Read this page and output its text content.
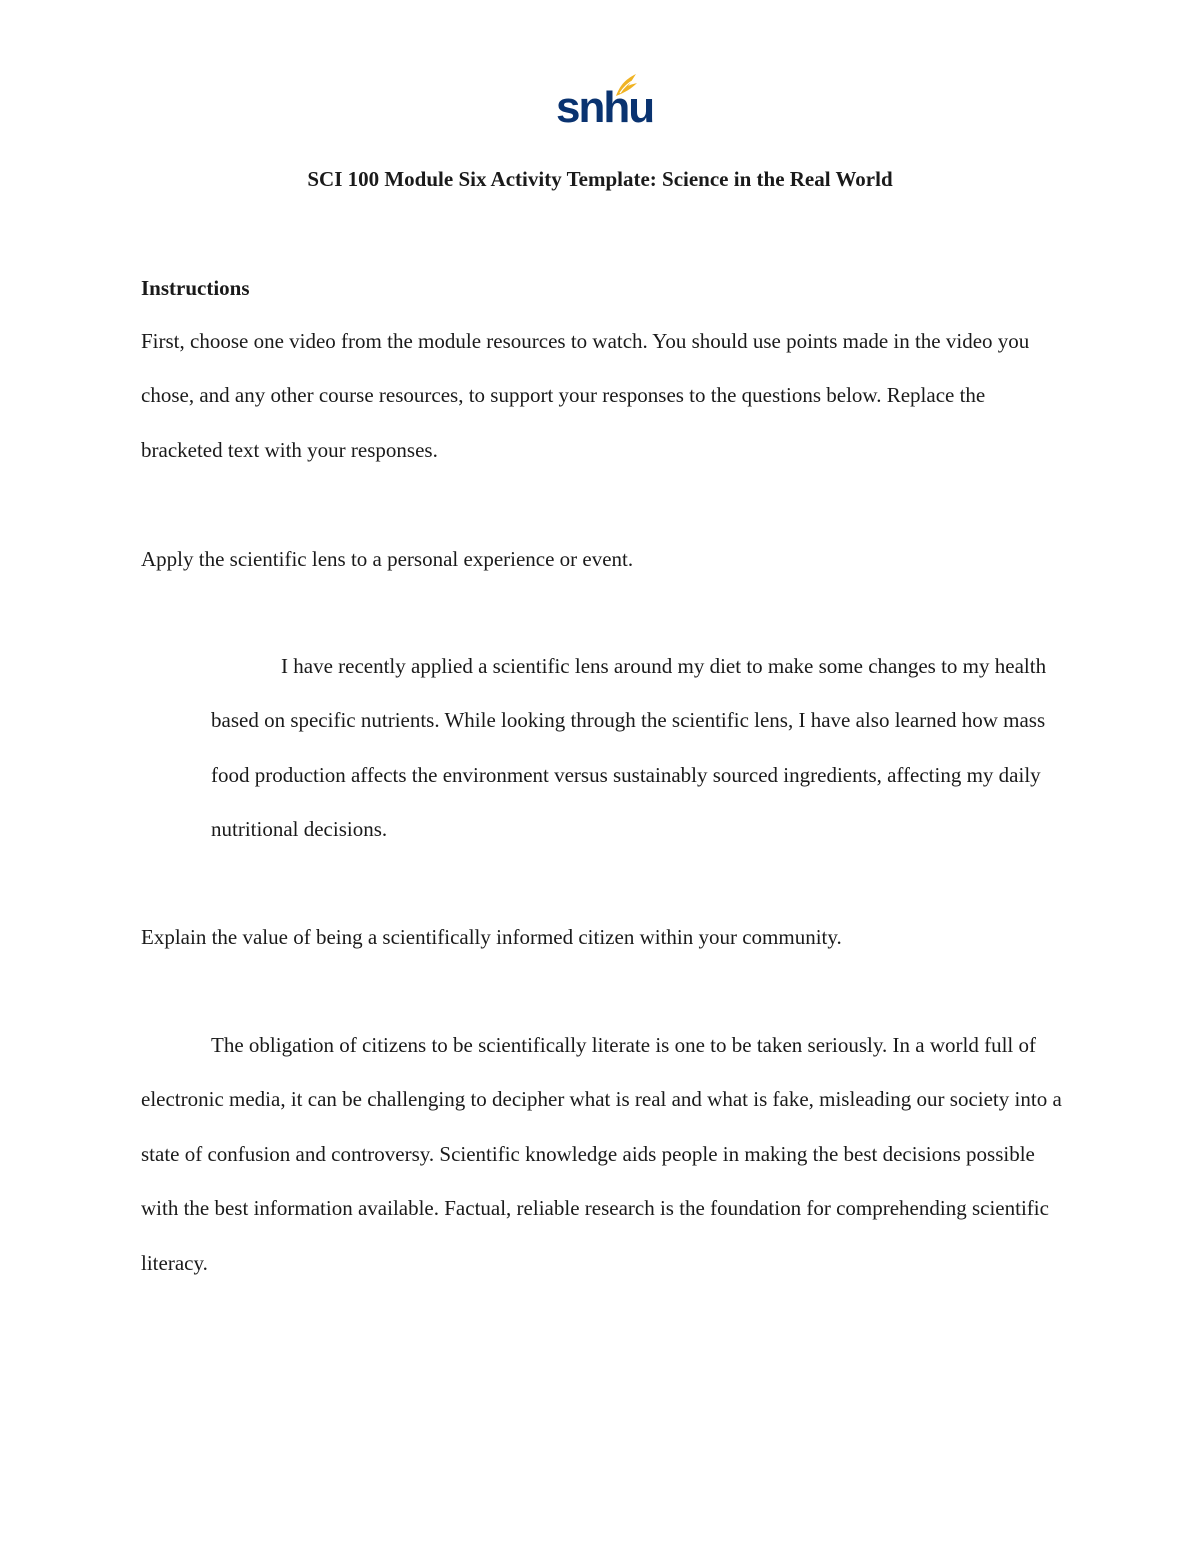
snhu
SCI 100 Module Six Activity Template: Science in the Real World
Instructions

First, choose one video from the module resources to watch. You should use points made in the video you chose, and any other course resources, to support your responses to the questions below. Replace the bracketed text with your responses.

Apply the scientific lens to a personal experience or event.

I have recently applied a scientific lens around my diet to make some changes to my health based on specific nutrients. While looking through the scientific lens, I have also learned how mass food production affects the environment versus sustainably sourced ingredients, affecting my daily nutritional decisions.

Explain the value of being a scientifically informed citizen within your community.

The obligation of citizens to be scientifically literate is one to be taken seriously. In a world full of electronic media, it can be challenging to decipher what is real and what is fake, misleading our society into a state of confusion and controversy. Scientific knowledge aids people in making the best decisions possible with the best information available. Factual, reliable research is the foundation for comprehending scientific literacy.
